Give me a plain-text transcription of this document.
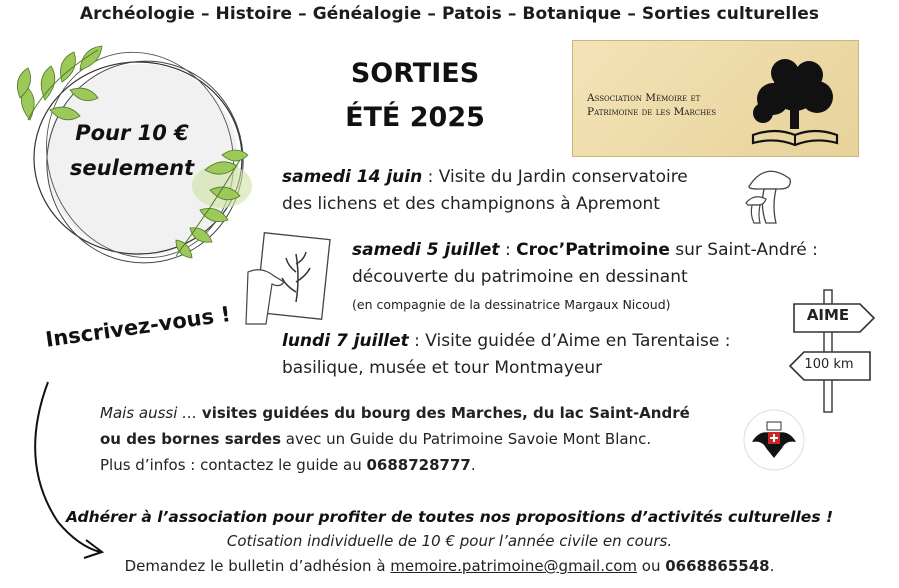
Archéologie – Histoire – Généalogie – Patois – Botanique – Sorties culturelles
Pour 10 €
seulement
SORTIES
ÉTÉ 2025
Association Mémoire et
Patrimoine de les Marches
samedi 14 juin : Visite du Jardin conservatoire
des lichens et des champignons à Apremont
samedi 5 juillet : Croc’Patrimoine sur Saint-André :
découverte du patrimoine en dessinant
(en compagnie de la dessinatrice Margaux Nicoud)
lundi 7 juillet : Visite guidée d’Aime en Tarentaise :
basilique, musée et tour Montmayeur
AIME
100 km
Inscrivez-vous !
Mais aussi … visites guidées du bourg des Marches, du lac Saint-André
ou des bornes sardes avec un Guide du Patrimoine Savoie Mont Blanc.
Plus d’infos : contactez le guide au 0688728777.
Adhérer à l’association pour profiter de toutes nos propositions d’activités culturelles !
Cotisation individuelle de 10 € pour l’année civile en cours.
Demandez le bulletin d’adhésion à memoire.patrimoine@gmail.com ou 0668865548.
